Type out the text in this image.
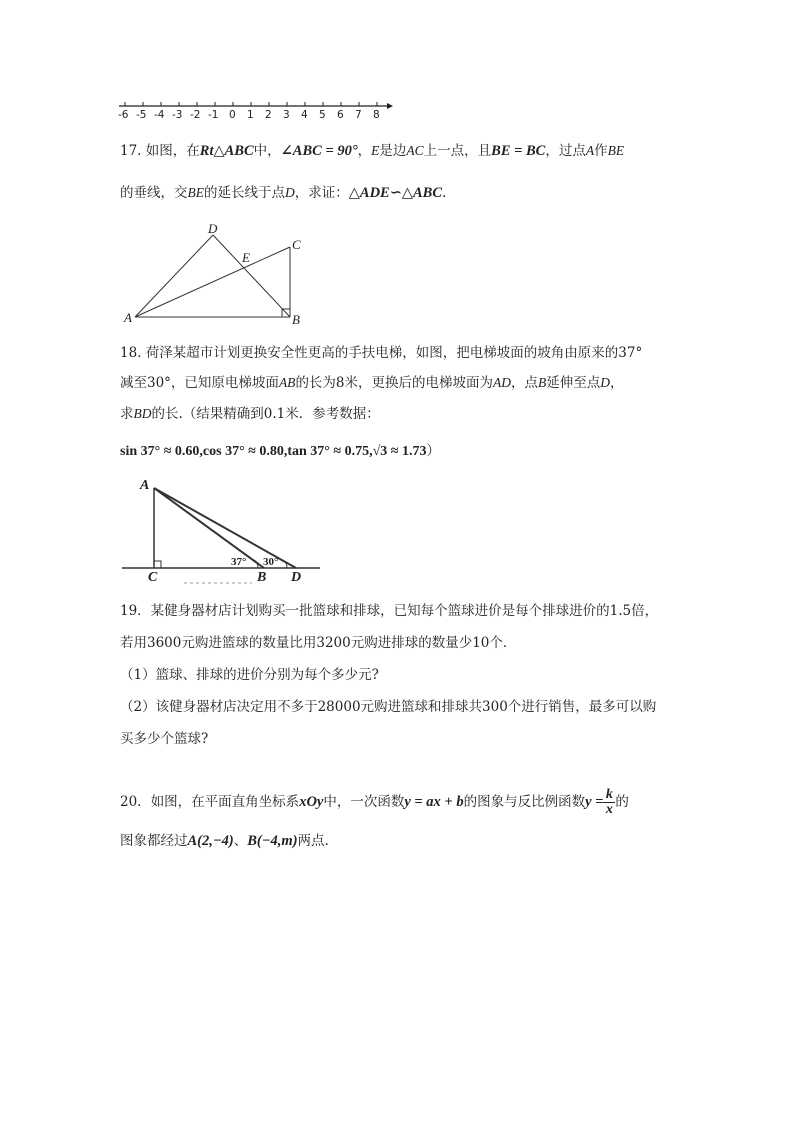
-6 -5 -4 -3 -2 -1 0 1 2 3 4 5 6 7 8
17. 如图，在Rt△ABC中，∠ABC = 90°，E是边AC上一点，且BE = BC，过点A作BE
的垂线，交BE的延长线于点D，求证：△ADE∽△ABC.
A	B
C
D
E
18. 荷泽某超市计划更换安全性更高的手扶电梯，如图，把电梯坡面的坡角由原来的37°
减至30°，已知原电梯坡面AB的长为8米，更换后的电梯坡面为AD，点B延伸至点D，
求BD的长.（结果精确到0.1米．参考数据：
sin 37° ≈ 0.60,cos 37° ≈ 0.80,tan 37° ≈ 0.75,√3 ≈ 1.73）
A
C	B D
37° 30°
19．某健身器材店计划购买一批篮球和排球，已知每个篮球进价是每个排球进价的1.5倍，
若用3600元购进篮球的数量比用3200元购进排球的数量少10个．
（1）篮球、排球的进价分别为每个多少元?
（2）该健身器材店决定用不多于28000元购进篮球和排球共300个进行销售，最多可以购
买多少个篮球?
20．如图，在平面直角坐标系xOy中，一次函数y = ax + b的图象与反比例函数$y = \frac{k}{x}$ 的
图象都经过A(2,−4)、B(−4,m)两点.
